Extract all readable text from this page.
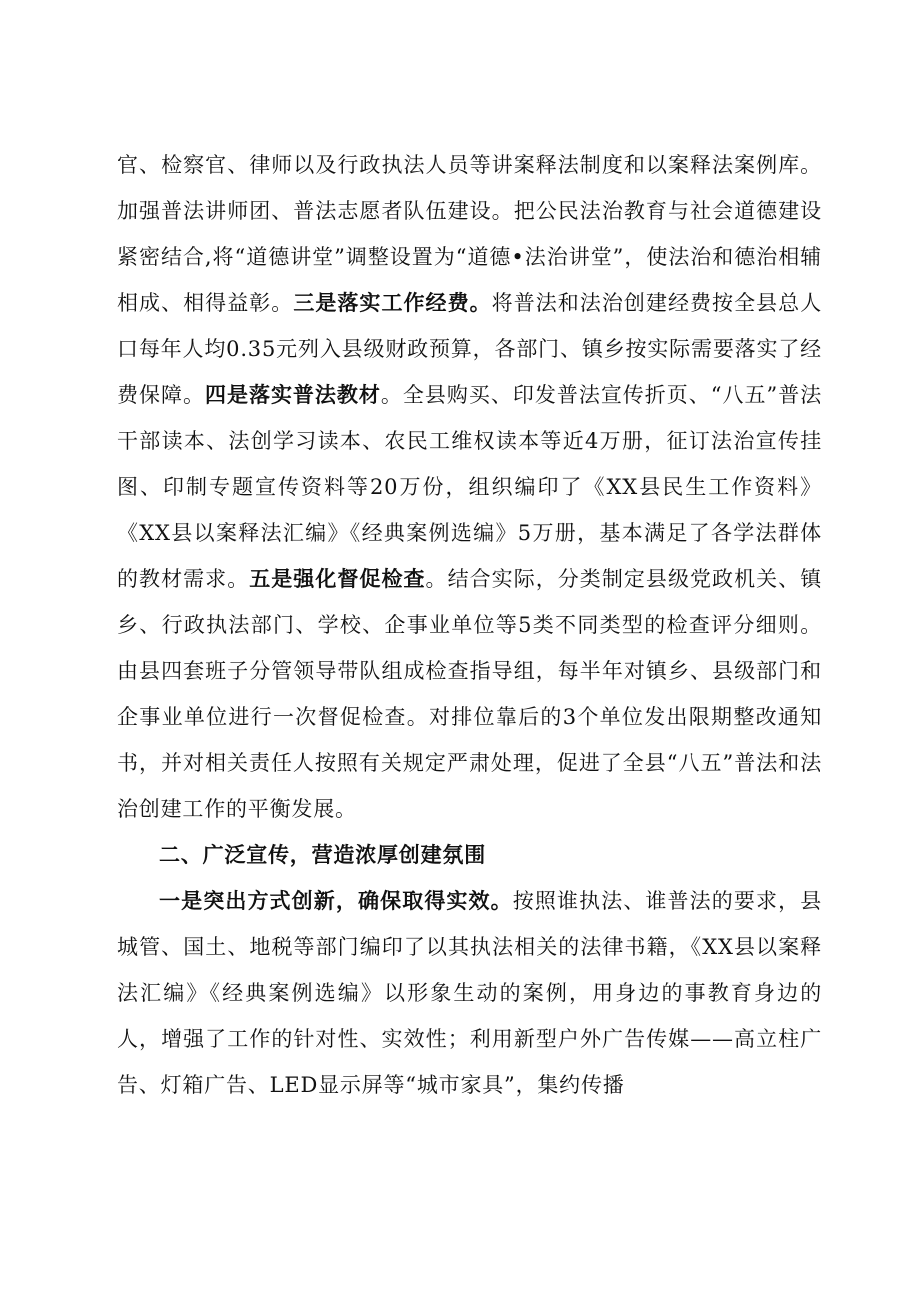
官、检察官、律师以及行政执法人员等讲案释法制度和以案释法案例库。加强普法讲师团、普法志愿者队伍建设。把公民法治教育与社会道德建设紧密结合,将“道德讲堂”调整设置为“道德•法治讲堂”，使法治和德治相辅相成、相得益彰。三是落实工作经费。将普法和法治创建经费按全县总人口每年人均0.35元列入县级财政预算，各部门、镇乡按实际需要落实了经费保障。四是落实普法教材。全县购买、印发普法宣传折页、“八五”普法干部读本、法创学习读本、农民工维权读本等近4万册，征订法治宣传挂图、印制专题宣传资料等20万份，组织编印了《XX县民生工作资料》《XX县以案释法汇编》《经典案例选编》5万册，基本满足了各学法群体的教材需求。五是强化督促检查。结合实际，分类制定县级党政机关、镇乡、行政执法部门、学校、企事业单位等5类不同类型的检查评分细则。由县四套班子分管领导带队组成检查指导组，每半年对镇乡、县级部门和企事业单位进行一次督促检查。对排位靠后的3个单位发出限期整改通知书，并对相关责任人按照有关规定严肃处理，促进了全县“八五”普法和法治创建工作的平衡发展。

二、广泛宣传，营造浓厚创建氛围

一是突出方式创新，确保取得实效。按照谁执法、谁普法的要求，县城管、国土、地税等部门编印了以其执法相关的法律书籍，《XX县以案释法汇编》《经典案例选编》以形象生动的案例，用身边的事教育身边的人，增强了工作的针对性、实效性；利用新型户外广告传媒——高立柱广告、灯箱广告、LED显示屏等“城市家具”，集约传播
